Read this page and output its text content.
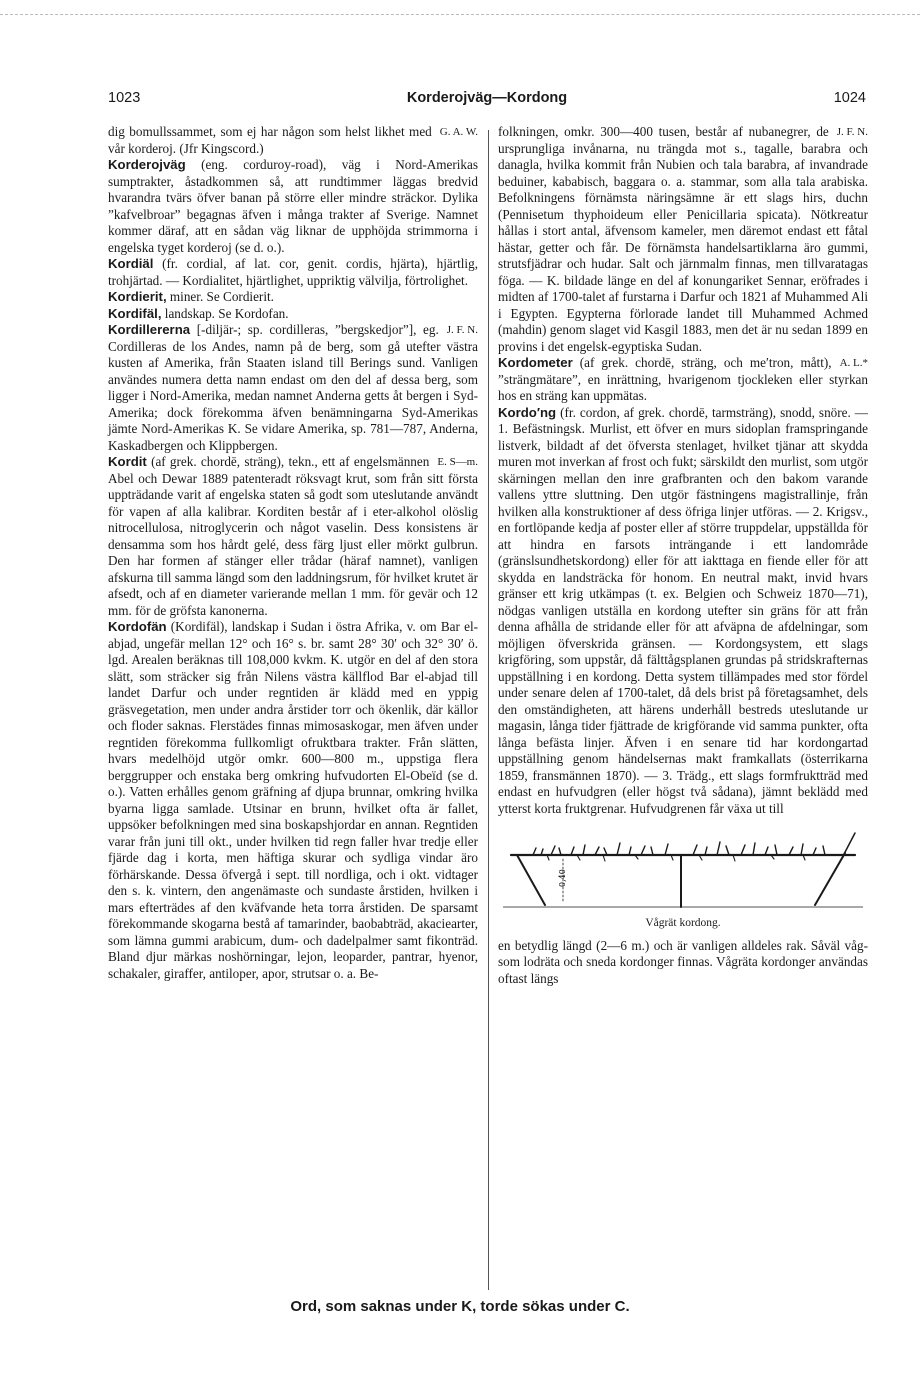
1023	Korderojväg—Kordong	1024
G. A. W.
dig bomullssammet, som ej har någon som helst likhet med vår korderoj. (Jfr Kingscord.)
Korderojväg (eng. corduroy-road), väg i Nord-Amerikas sumptrakter, åstadkommen så, att rundtimmer läggas bredvid hvarandra tvärs öfver banan på större eller mindre sträckor. Dylika ”kafvelbroar” begagnas äfven i många trakter af Sverige. Namnet kommer däraf, att en sådan väg liknar de upphöjda strimmorna i engelska tyget korderoj (se d. o.).
Kordiäl (fr. cordial, af lat. cor, genit. cordis, hjärta), hjärtlig, trohjärtad. — Kordialitet, hjärtlighet, uppriktig välvilja, förtrolighet.
Kordierit, miner. Se Cordierit.
Kordifäl, landskap. Se Kordofan.
J. F. N.
Kordillererna [-diljär-; sp. cordilleras, ”bergskedjor”], eg. Cordilleras de los Andes, namn på de berg, som gå utefter västra kusten af Amerika, från Staaten island till Berings sund. Vanligen användes numera detta namn endast om den del af dessa berg, som ligger i Nord-Amerika, medan namnet Anderna getts åt bergen i Syd-Amerika; dock förekomma äfven benämningarna Syd-Amerikas jämte Nord-Amerikas K. Se vidare Amerika, sp. 781—787, Anderna, Kaskadbergen och Klippbergen.
E. S—m.
Kordit (af grek. chordē, sträng), tekn., ett af engelsmännen Abel och Dewar 1889 patenteradt röksvagt krut, som från sitt första uppträdande varit af engelska staten så godt som uteslutande användt för vapen af alla kalibrar. Korditen består af i eter-alkohol olöslig nitrocellulosa, nitroglycerin och något vaselin. Dess konsistens är densamma som hos hårdt gelé, dess färg ljust eller mörkt gulbrun. Den har formen af stänger eller trådar (häraf namnet), vanligen afskurna till samma längd som den laddningsrum, för hvilket krutet är afsedt, och af en diameter varierande mellan 1 mm. för gevär och 12 mm. för de gröfsta kanonerna.
Kordofän (Kordifäl), landskap i Sudan i östra Afrika, v. om Bar el-abjad, ungefär mellan 12° och 16° s. br. samt 28° 30′ och 32° 30′ ö. lgd. Arealen beräknas till 108,000 kvkm. K. utgör en del af den stora slätt, som sträcker sig från Nilens västra källflod Bar el-abjad till landet Darfur och under regntiden är klädd med en yppig gräsvegetation, men under andra årstider torr och ökenlik, där källor och floder saknas. Flerstädes finnas mimosaskogar, men äfven under regntiden förekomma fullkomligt ofruktbara trakter. Från slätten, hvars medelhöjd utgör omkr. 600—800 m., uppstiga flera berggrupper och enstaka berg omkring hufvudorten El-Obeïd (se d. o.). Vatten erhålles genom gräfning af djupa brunnar, omkring hvilka byarna ligga samlade. Utsinar en brunn, hvilket ofta är fallet, uppsöker befolkningen med sina boskapshjordar en annan. Regntiden varar från juni till okt., under hvilken tid regn faller hvar tredje eller fjärde dag i korta, men häftiga skurar och sydliga vindar äro förhärskande. Dessa öfvergå i sept. till nordliga, och i okt. vidtager den s. k. vintern, den angenämaste och sundaste årstiden, hvilken i mars efterträdes af den kväfvande heta torra årstiden. De sparsamt förekommande skogarna bestå af tamarinder, baobabträd, akaciearter, som lämna gummi arabicum, dum- och dadelpalmer samt fikonträd. Bland djur märkas noshörningar, lejon, leoparder, pantrar, hyenor, schakaler, giraffer, antiloper, apor, strutsar o. a. Be-
J. F. N.
folkningen, omkr. 300—400 tusen, består af nubanegrer, de ursprungliga invånarna, nu trängda mot s., tagalle, barabra och danagla, hvilka kommit från Nubien och tala barabra, af invandrade beduiner, kababisch, baggara o. a. stammar, som alla tala arabiska. Befolkningens förnämsta näringsämne är ett slags hirs, duchn (Pennisetum thyphoideum eller Penicillaria spicata). Nötkreatur hållas i stort antal, äfvensom kameler, men däremot endast ett fåtal hästar, getter och får. De förnämsta handelsartiklarna äro gummi, strutsfjädrar och hudar. Salt och järnmalm finnas, men tillvaratagas föga. — K. bildade länge en del af konungariket Sennar, eröfrades i midten af 1700-talet af furstarna i Darfur och 1821 af Muhammed Ali i Egypten. Egypterna förlorade landet till Muhammed Achmed (mahdin) genom slaget vid Kasgil 1883, men det är nu sedan 1899 en provins i det engelsk-egyptiska Sudan.
A. L.*
Kordometer (af grek. chordē, sträng, och me′tron, mått), ”strängmätare”, en inrättning, hvarigenom tjockleken eller styrkan hos en sträng kan uppmätas.
Kordo′ng (fr. cordon, af grek. chordē, tarmsträng), snodd, snöre. — 1. Befästningsk. Murlist, ett öfver en murs sidoplan framspringande listverk, bildadt af det öfversta stenlaget, hvilket tjänar att skydda muren mot inverkan af frost och fukt; särskildt den murlist, som utgör skärningen mellan den inre grafbranten och den bakom varande vallens yttre sluttning. Den utgör fästningens magistrallinje, från hvilken alla konstruktioner af dess öfriga linjer utföras. — 2. Krigsv., en fortlöpande kedja af poster eller af större truppdelar, uppställda för att hindra en farsots inträngande i ett landområde (gränslsundhetskordong) eller för att iakttaga en fiende eller för att skydda en landsträcka för honom. En neutral makt, invid hvars gränser ett krig utkämpas (t. ex. Belgien och Schweiz 1870—71), nödgas vanligen utställa en kordong utefter sin gräns för att från denna afhålla de stridande eller för att afväpna de afdelningar, som möjligen öfverskrida gränsen. — Kordongsystem, ett slags krigföring, som uppstår, då fälttågsplanen grundas på stridskrafternas uppställning i en kordong. Detta system tillämpades med stor fördel under senare delen af 1700-talet, då dels brist på företagsamhet, dels den omständigheten, att härens underhåll bestreds uteslutande ur magasin, långa tider fjättrade de krigförande vid samma punkter, ofta långa befästa linjer. Äfven i en senare tid har kordongartad uppställning genom händelsernas makt framkallats (österrikarna 1859, fransmännen 1870). — 3. Trädg., ett slags formfruktträd med endast en hufvudgren (eller högst två sådana), jämnt beklädd med ytterst korta fruktgrenar. Hufvudgrenen får växa ut till
0,40
Vågrät kordong.
en betydlig längd (2—6 m.) och är vanligen alldeles rak. Såväl våg- som lodräta och sneda kordonger finnas. Vågräta kordonger användas oftast längs
Ord, som saknas under K, torde sökas under C.
